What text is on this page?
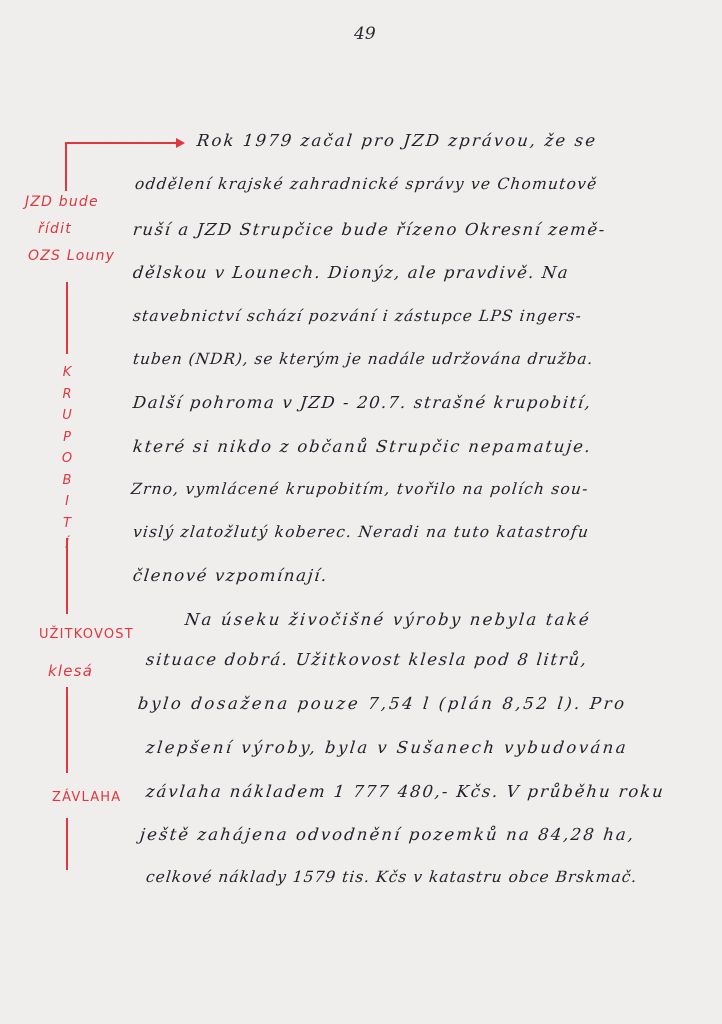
49
JZD bude
řídit
OZS Louny
K
R
U
P
O
B
I
T
UŽITKOVOST
klesá
ZÁVLAHA
Rok 1979 začal pro JZD zprávou, že se
oddělení krajské zahradnické správy ve Chomutově
ruší a JZD Strupčice bude řízeno Okresní země-
dělskou v Lounech. Dionýz, ale pravdivě. Na
stavebnictví schází pozvání i zástupce LPS ingers-
tuben (NDR), se kterým je nadále udržována družba.
Další pohroma v JZD - 20.7. strašné krupobití,
které si nikdo z občanů Strupčic nepamatuje.
Zrno, vymlácené krupobitím, tvořilo na polích sou-
vislý zlatožlutý koberec. Neradi na tuto katastrofu
členové vzpomínají.
Na úseku živočišné výroby nebyla také
situace dobrá. Užitkovost klesla pod 8 litrů,
bylo dosažena pouze 7,54 l (plán 8,52 l). Pro
zlepšení výroby, byla v Sušanech vybudována
závlaha nákladem 1 777 480,- Kčs. V průběhu roku
ještě zahájena odvodnění pozemků na 84,28 ha,
celkové náklady 1579 tis. Kčs v katastru obce Brskmač.
